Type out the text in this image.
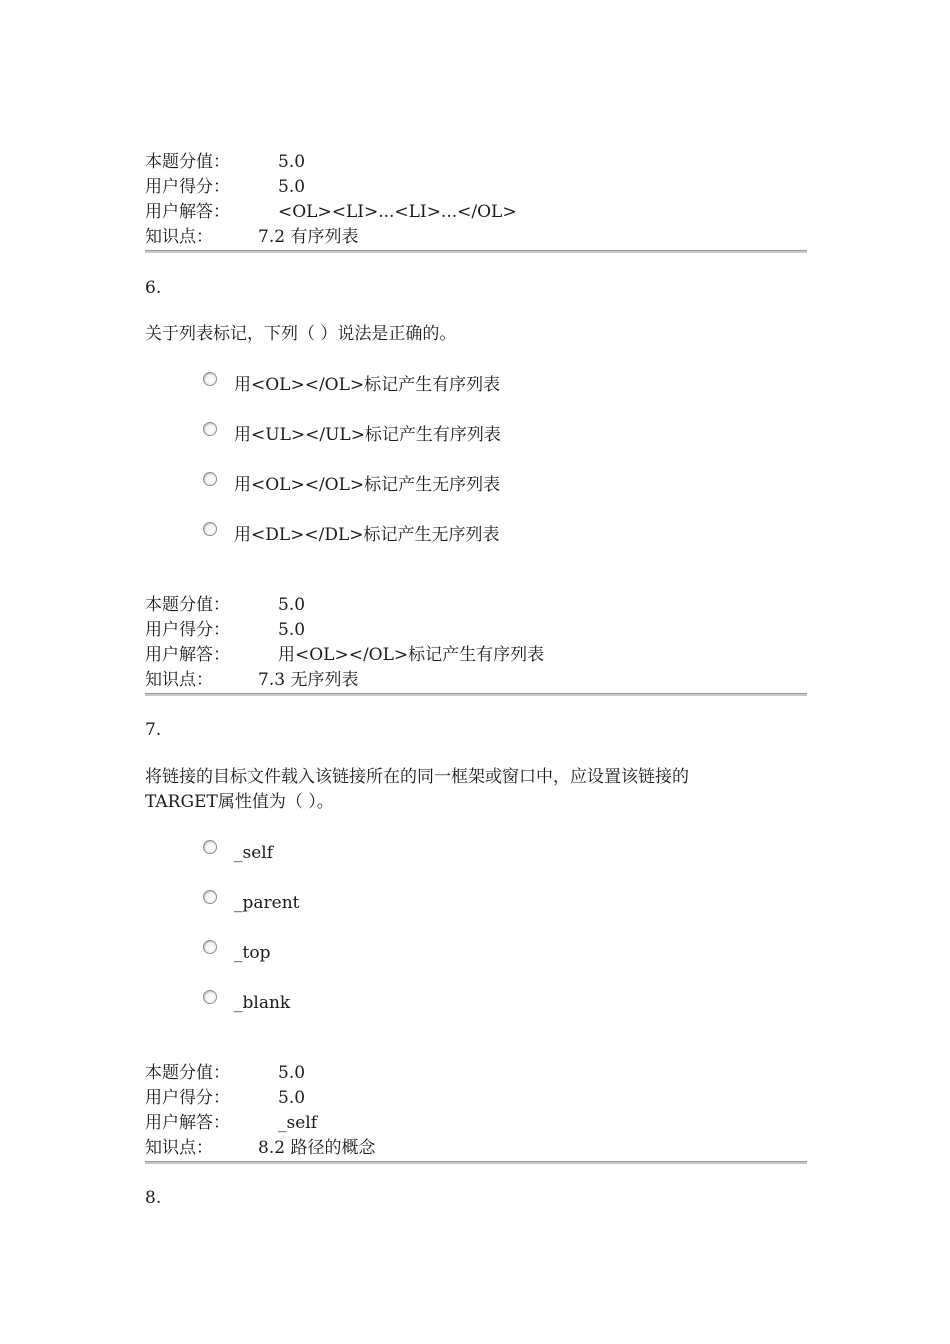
本题分值：	5.0
用户得分：	5.0
用户解答：	<OL><LI>...<LI>...</OL>
知识点：	7.2 有序列表
6.
关于列表标记，下列（ ）说法是正确的。
用<OL></OL>标记产生有序列表
用<UL></UL>标记产生有序列表
用<OL></OL>标记产生无序列表
用<DL></DL>标记产生无序列表
本题分值：	5.0
用户得分：	5.0
用户解答：	用<OL></OL>标记产生有序列表
知识点：	7.3 无序列表
7.
将链接的目标文件载入该链接所在的同一框架或窗口中，应设置该链接的
TARGET属性值为（ ）。
_self
_parent
_top
_blank
本题分值：	5.0
用户得分：	5.0
用户解答：	_self
知识点：	8.2 路径的概念
8.
